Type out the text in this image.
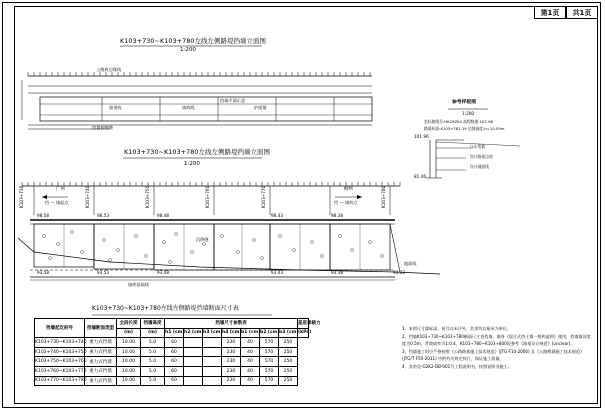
第1页	共1页
K103+730~K103+780左线左侧路堤挡墙立面图
1:200
土路肩边缘线
挡墙平面示意
墙顶线	墙底线	护面墙
挡墙伸缩缝
K103+730~K103+780左线左侧路堤挡墙立面图
1:200
广州	柳州
挡 — 墙起点	挡 — 墙终点
K103+730	K103+740	K103+750	K103+760	K103+770	K103+780
98.58	98.53	98.48	98.43	98.38
93.58	93.53	93.48	93.43	93.38	93.33
沉降缝
墙底基础线
地面线
参考样板图
1:200
坐标路线号:HK29ZK4 高程数值:107.96
路面标高:K103+781.19 边坡高度:h=10.05m
101.96
81.46
压实系数
设计路基边坡
设计地面线
K103+730~K103+780左线左侧路堤挡墙断面尺寸表
挡墙起讫桩号	挡墙断面类型	全段长度	挡墙高度	挡墙尺寸参数表							基底承载力
		(m)	(m)	h1 (cm)	h2 (cm)	h3 (cm)	h4 (cm)	b1 (cm)	b2 (cm)	b3 (cm)	(kPa)
K103+730~K103+740	重力式挡墙	10.00	5.0	60			230	40	570	250	
K103+740~K103+750	重力式挡墙	10.00	5.0	60			230	40	570	250	
K103+750~K103+760	重力式挡墙	10.00	5.0	60			230	40	570	250	
K103+760~K103+770	重力式挡墙	10.00	5.0	60			230	40	570	250	
K103+770~K103+780	重力式挡墙	10.00	5.0	60			230	40	570	250	
1、本图尺寸除标高、桩号以米计外，其余均以厘米为单位。
2、挡墙K103+730~K103+780断面尺寸表挡墙，墙身《混合式挡土墙一般构造图》使用，挡墙墙顶宽度为0.5m，背坡坡率为1:0.4，K103+780~K103+800段参考《路基设计规范》[unclear]。
3、挡墙施工时应严格按照《公路路基施工技术规范》(JTG F10-2006) 及《公路桥涵施工技术规范》(JTG/T F50-2011) 中的有关规定执行，保证施工质量。
4、其余见-G2K2-DB-001号工程说明书，按照说明书施工。
